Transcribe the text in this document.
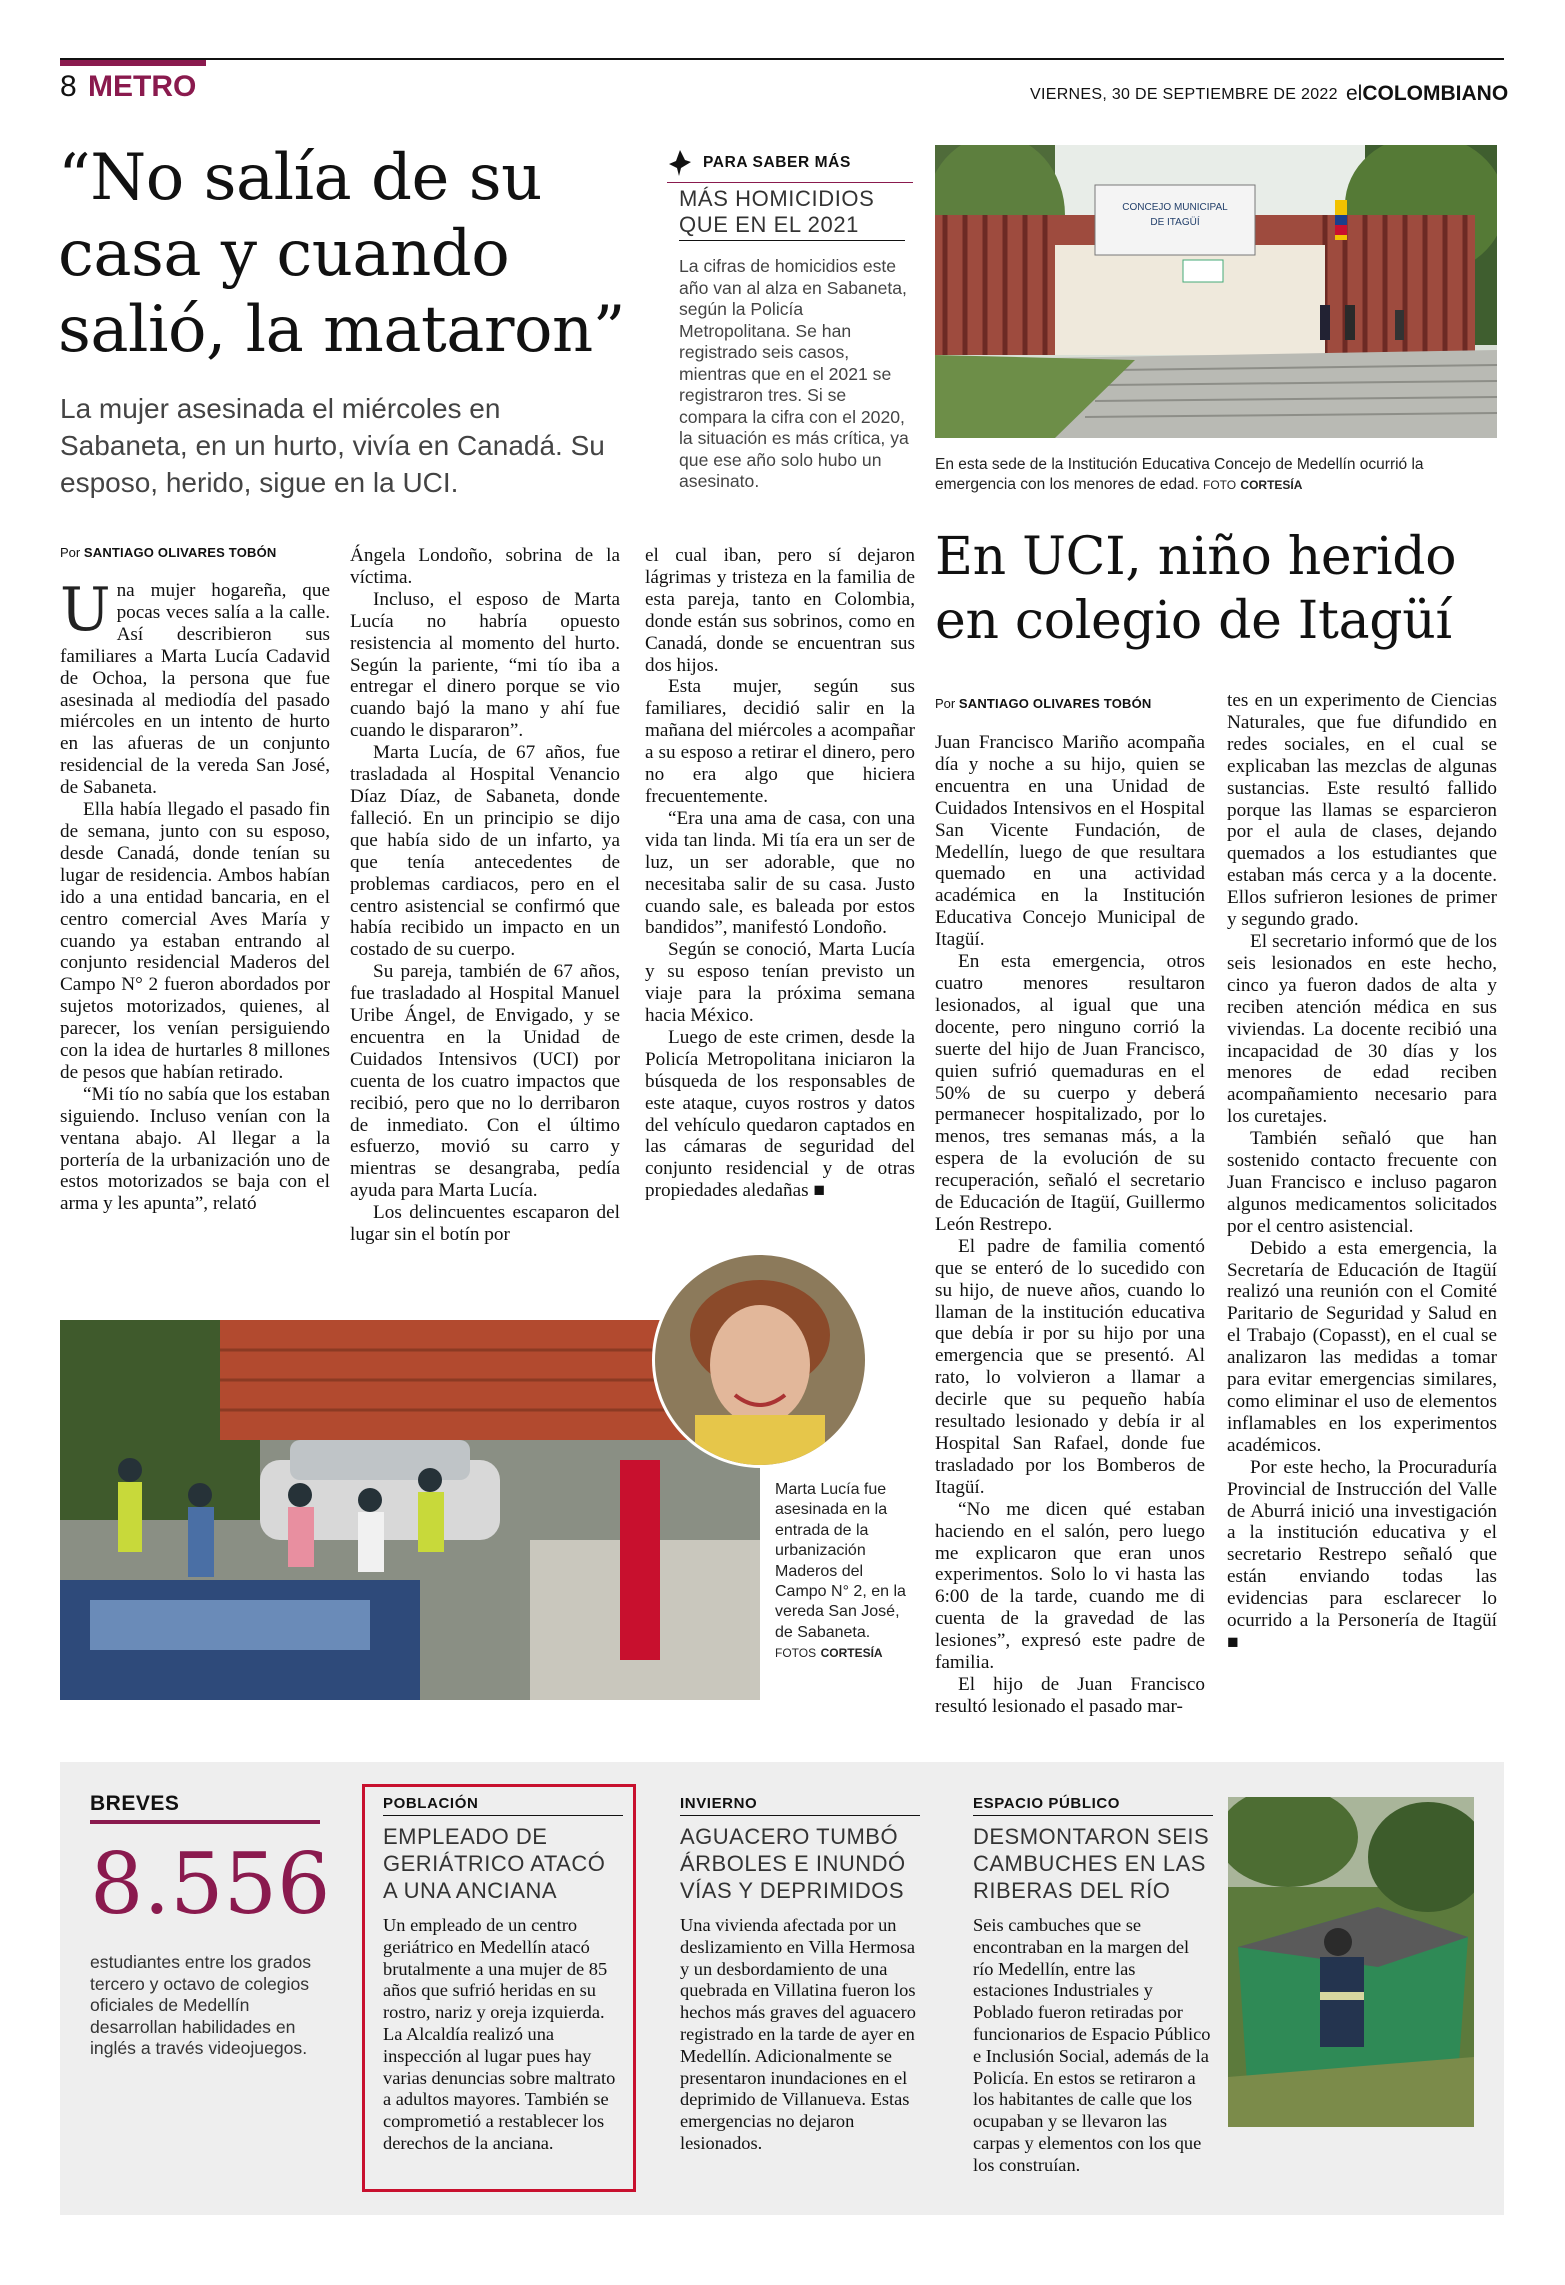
8 METRO	VIERNES, 30 DE SEPTIEMBRE DE 2022 elCOLOMBIANO
“No salía de su casa y cuando salió, la mataron”

La mujer asesinada el miércoles en Sabaneta, en un hurto, vivía en Canadá. Su esposo, herido, sigue en la UCI.

PARA SABER MÁS
MÁS HOMICIDIOS QUE EN EL 2021

La cifras de homicidios este año van al alza en Sabaneta, según la Policía Metropolitana. Se han registrado seis casos, mientras que en el 2021 se registraron tres. Si se compara la cifra con el 2020, la situación es más crítica, ya que ese año solo hubo un asesinato.

CONCEJO MUNICIPAL
DE ITAGÜÍ

En esta sede de la Institución Educativa Concejo de Medellín ocurrió la emergencia con los menores de edad. FOTO CORTESÍA

Por SANTIAGO OLIVARES TOBÓN

Una mujer hogareña, que pocas veces salía a la calle. Así describieron sus familiares a Marta Lucía Cadavid de Ochoa, la persona que fue asesinada al mediodía del pasado miércoles en un intento de hurto en las afueras de un conjunto residencial de la vereda San José, de Sabaneta.

Ella había llegado el pasado fin de semana, junto con su esposo, desde Canadá, donde tenían su lugar de residencia. Ambos habían ido a una entidad bancaria, en el centro comercial Aves María y cuando ya estaban entrando al conjunto residencial Maderos del Campo N° 2 fueron abordados por sujetos motorizados, quienes, al parecer, los venían persiguiendo con la idea de hurtarles 8 millones de pesos que habían retirado.

“Mi tío no sabía que los estaban siguiendo. Incluso venían con la ventana abajo. Al llegar a la portería de la urbanización uno de estos motorizados se baja con el arma y les apunta”, relató

Ángela Londoño, sobrina de la víctima.

Incluso, el esposo de Marta Lucía no habría opuesto resistencia al momento del hurto. Según la pariente, “mi tío iba a entregar el dinero porque se vio cuando bajó la mano y ahí fue cuando le dispararon”.

Marta Lucía, de 67 años, fue trasladada al Hospital Venancio Díaz Díaz, de Sabaneta, donde falleció. En un principio se dijo que había sido de un infarto, ya que tenía antecedentes de problemas cardiacos, pero en el centro asistencial se confirmó que había recibido un impacto en un costado de su cuerpo.

Su pareja, también de 67 años, fue trasladado al Hospital Manuel Uribe Ángel, de Envigado, y se encuentra en la Unidad de Cuidados Intensivos (UCI) por cuenta de los cuatro impactos que recibió, pero que no lo derribaron de inmediato. Con el último esfuerzo, movió su carro y mientras se desangraba, pedía ayuda para Marta Lucía.

Los delincuentes escaparon del lugar sin el botín por

el cual iban, pero sí dejaron lágrimas y tristeza en la familia de esta pareja, tanto en Colombia, donde están sus sobrinos, como en Canadá, donde se encuentran sus dos hijos.

Esta mujer, según sus familiares, decidió salir en la mañana del miércoles a acompañar a su esposo a retirar el dinero, pero no era algo que hiciera frecuentemente.

“Era una ama de casa, con una vida tan linda. Mi tía era un ser de luz, un ser adorable, que no necesitaba salir de su casa. Justo cuando sale, es baleada por estos bandidos”, manifestó Londoño.

Según se conoció, Marta Lucía y su esposo tenían previsto un viaje para la próxima semana hacia México.

Luego de este crimen, desde la Policía Metropolitana iniciaron la búsqueda de los responsables de este ataque, cuyos rostros y datos del vehículo quedaron captados en las cámaras de seguridad del conjunto residencial y de otras propiedades aledañas ■

Marta Lucía fue asesinada en la entrada de la urbanización Maderos del Campo N° 2, en la vereda San José, de Sabaneta.
FOTOS CORTESÍA

En UCI, niño herido en colegio de Itagüí
Por SANTIAGO OLIVARES TOBÓN

Juan Francisco Mariño acompaña día y noche a su hijo, quien se encuentra en una Unidad de Cuidados Intensivos en el Hospital San Vicente Fundación, de Medellín, luego de que resultara quemado en una actividad académica en la Institución Educativa Concejo Municipal de Itagüí.

En esta emergencia, otros cuatro menores resultaron lesionados, al igual que una docente, pero ninguno corrió la suerte del hijo de Juan Francisco, quien sufrió quemaduras en el 50% de su cuerpo y deberá permanecer hospitalizado, por lo menos, tres semanas más, a la espera de la evolución de su recuperación, señaló el secretario de Educación de Itagüí, Guillermo León Restrepo.

El padre de familia comentó que se enteró de lo sucedido con su hijo, de nueve años, cuando lo llaman de la institución educativa que debía ir por su hijo por una emergencia que se presentó. Al rato, lo volvieron a llamar a decirle que su pequeño había resultado lesionado y debía ir al Hospital San Rafael, donde fue trasladado por los Bomberos de Itagüí.

“No me dicen qué estaban haciendo en el salón, pero luego me explicaron que eran unos experimentos. Solo lo vi hasta las 6:00 de la tarde, cuando me di cuenta de la gravedad de las lesiones”, expresó este padre de familia.

El hijo de Juan Francisco resultó lesionado el pasado mar-

tes en un experimento de Ciencias Naturales, que fue difundido en redes sociales, en el cual se explicaban las mezclas de algunas sustancias. Este resultó fallido porque las llamas se esparcieron por el aula de clases, dejando quemados a los estudiantes que estaban más cerca y a la docente. Ellos sufrieron lesiones de primer y segundo grado.

El secretario informó que de los seis lesionados en este hecho, cinco ya fueron dados de alta y reciben atención médica en sus viviendas. La docente recibió una incapacidad de 30 días y los menores de edad reciben acompañamiento necesario para los curetajes.

También señaló que han sostenido contacto frecuente con Juan Francisco e incluso pagaron algunos medicamentos solicitados por el centro asistencial.

Debido a esta emergencia, la Secretaría de Educación de Itagüí realizó una reunión con el Comité Paritario de Seguridad y Salud en el Trabajo (Copasst), en el cual se analizaron las medidas a tomar para evitar emergencias similares, como eliminar el uso de elementos inflamables en los experimentos académicos.

Por este hecho, la Procuraduría Provincial de Instrucción del Valle de Aburrá inició una investigación a la institución educativa y el secretario Restrepo señaló que están enviando todas las evidencias para esclarecer lo ocurrido a la Personería de Itagüí ■

BREVES
8.556

estudiantes entre los grados tercero y octavo de colegios oficiales de Medellín desarrollan habilidades en inglés a través videojuegos.

POBLACIÓN
EMPLEADO DE GERIÁTRICO ATACÓ A UNA ANCIANA

Un empleado de un centro geriátrico en Medellín atacó brutalmente a una mujer de 85 años que sufrió heridas en su rostro, nariz y oreja izquierda. La Alcaldía realizó una inspección al lugar pues hay varias denuncias sobre maltrato a adultos mayores. También se comprometió a restablecer los derechos de la anciana.

INVIERNO
AGUACERO TUMBÓ ÁRBOLES E INUNDÓ VÍAS Y DEPRIMIDOS

Una vivienda afectada por un deslizamiento en Villa Hermosa y un desbordamiento de una quebrada en Villatina fueron los hechos más graves del aguacero registrado en la tarde de ayer en Medellín. Adicionalmente se presentaron inundaciones en el deprimido de Villanueva. Estas emergencias no dejaron lesionados.

ESPACIO PÚBLICO
DESMONTARON SEIS CAMBUCHES EN LAS RIBERAS DEL RÍO

Seis cambuches que se encontraban en la margen del río Medellín, entre las estaciones Industriales y Poblado fueron retiradas por funcionarios de Espacio Público e Inclusión Social, además de la Policía. En estos se retiraron a los habitantes de calle que los ocupaban y se llevaron las carpas y elementos con los que los construían.
